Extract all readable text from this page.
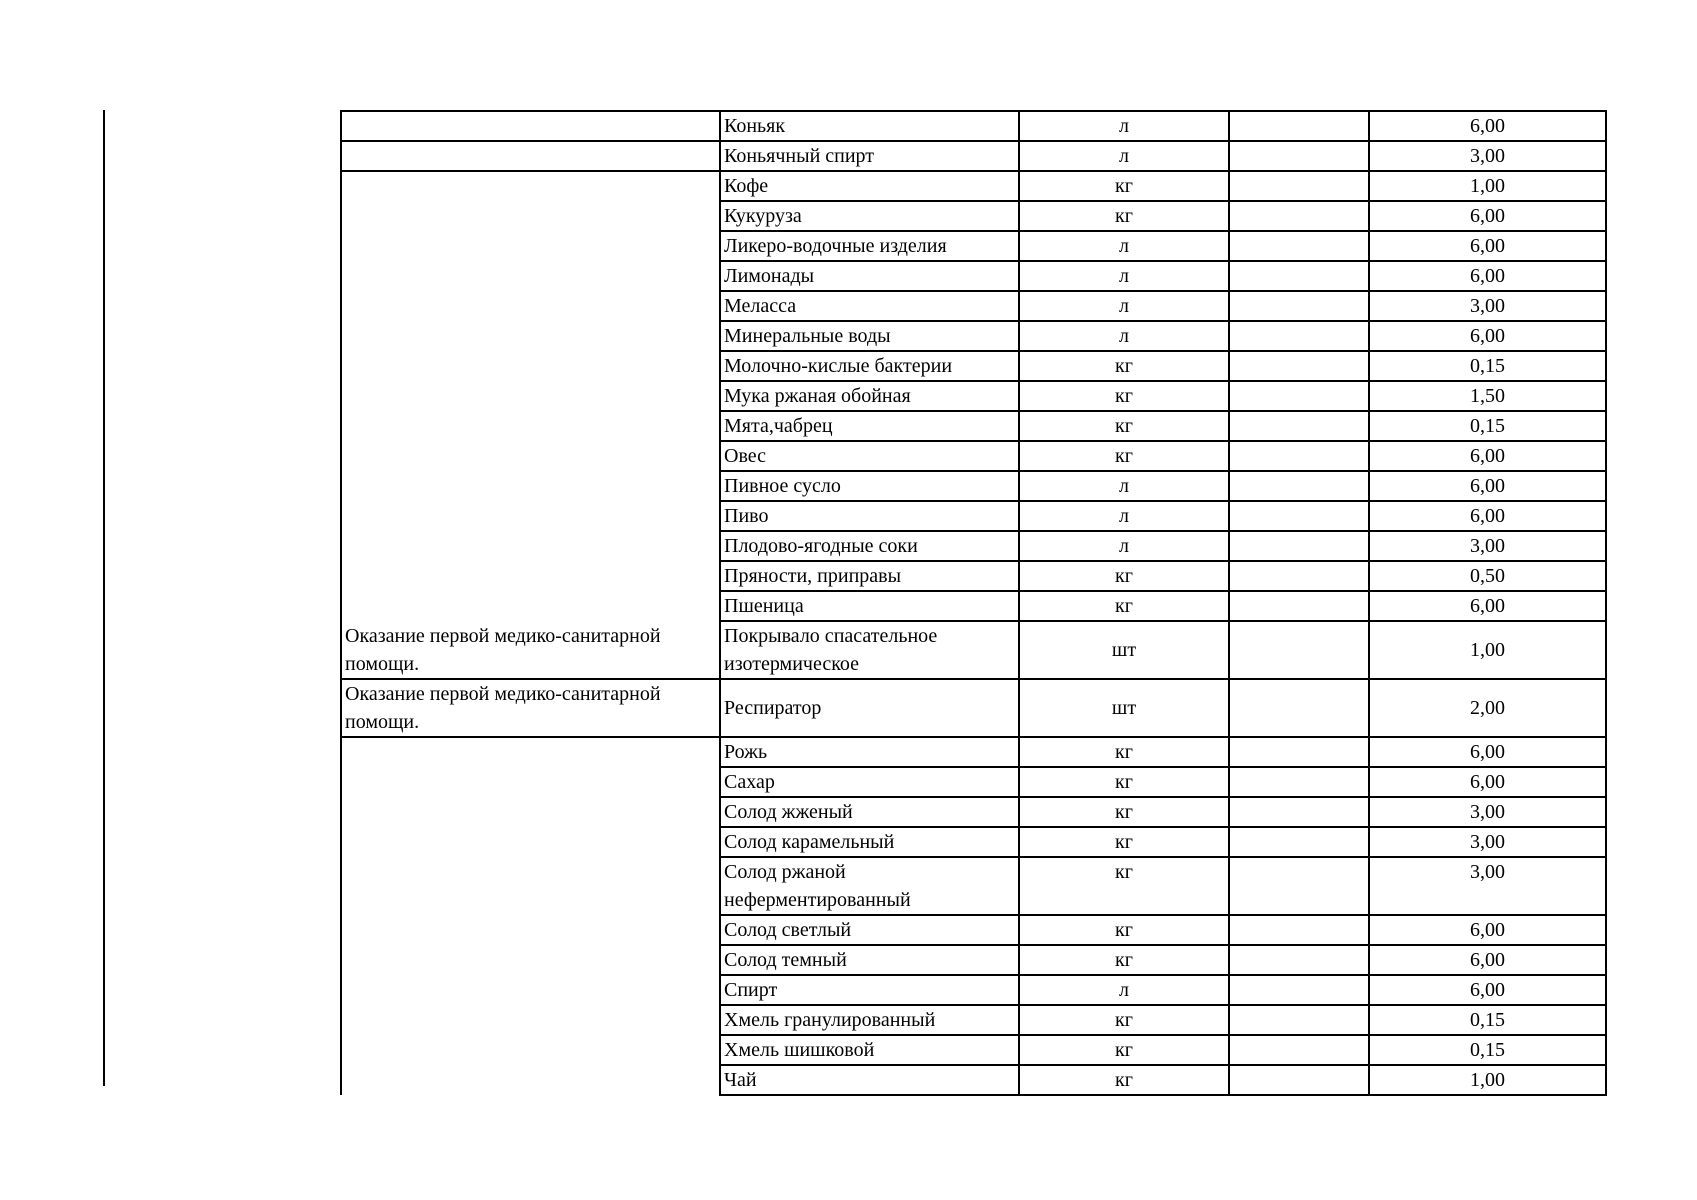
	Коньяк	л		6,00
	Коньячный спирт	л		3,00
	Кофе	кг		1,00
	Кукуруза	кг		6,00
	Ликеро-водочные изделия	л		6,00
	Лимонады	л		6,00
	Меласса	л		3,00
	Минеральные воды	л		6,00
	Молочно-кислые бактерии	кг		0,15
	Мука ржаная обойная	кг		1,50
	Мята,чабрец	кг		0,15
	Овес	кг		6,00
	Пивное сусло	л		6,00
	Пиво	л		6,00
	Плодово-ягодные соки	л		3,00
	Пряности, приправы	кг		0,50
	Пшеница	кг		6,00
Оказание первой медико-санитарной помощи.	Покрывало спасательное изотермическое	шт		1,00
Оказание первой медико-санитарной помощи.	Респиратор	шт		2,00
	Рожь	кг		6,00
	Сахар	кг		6,00
	Солод жженый	кг		3,00
	Солод карамельный	кг		3,00
	Солод ржаной неферментированный	кг		3,00
	Солод светлый	кг		6,00
	Солод темный	кг		6,00
	Спирт	л		6,00
	Хмель гранулированный	кг		0,15
	Хмель шишковой	кг		0,15
	Чай	кг		1,00
